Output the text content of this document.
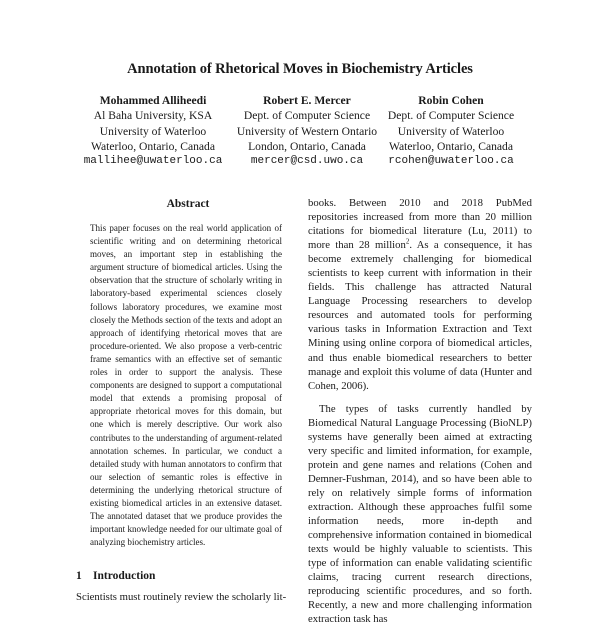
Annotation of Rhetorical Moves in Biochemistry Articles
Mohammed Alliheedi
Al Baha University, KSA
University of Waterloo
Waterloo, Ontario, Canada
mallihee@uwaterloo.ca
Robert E. Mercer
Dept. of Computer Science
University of Western Ontario
London, Ontario, Canada
mercer@csd.uwo.ca
Robin Cohen
Dept. of Computer Science
University of Waterloo
Waterloo, Ontario, Canada
rcohen@uwaterloo.ca
Abstract
This paper focuses on the real world application of scientific writing and on determining rhetorical moves, an important step in establishing the argument structure of biomedical articles. Using the observation that the structure of scholarly writing in laboratory-based experimental sciences closely follows laboratory procedures, we examine most closely the Methods section of the texts and adopt an approach of identifying rhetorical moves that are procedure-oriented. We also propose a verb-centric frame semantics with an effective set of semantic roles in order to support the analysis. These components are designed to support a computational model that extends a promising proposal of appropriate rhetorical moves for this domain, but one which is merely descriptive. Our work also contributes to the understanding of argument-related annotation schemes. In particular, we conduct a detailed study with human annotators to confirm that our selection of semantic roles is effective in determining the underlying rhetorical structure of existing biomedical articles in an extensive dataset. The annotated dataset that we produce provides the important knowledge needed for our ultimate goal of analyzing biochemistry articles.
1 Introduction
Scientists must routinely review the scholarly lit-

books. Between 2010 and 2018 PubMed repositories increased from more than 20 million citations for biomedical literature (Lu, 2011) to more than 28 million$^2$. As a consequence, it has become extremely challenging for biomedical scientists to keep current with information in their fields. This challenge has attracted Natural Language Processing researchers to develop resources and automated tools for performing various tasks in Information Extraction and Text Mining using online corpora of biomedical articles, and thus enable biomedical researchers to better manage and exploit this volume of data (Hunter and Cohen, 2006).

The types of tasks currently handled by Biomedical Natural Language Processing (BioNLP) systems have generally been aimed at extracting very specific and limited information, for example, protein and gene names and relations (Cohen and Demner-Fushman, 2014), and so have been able to rely on relatively simple forms of information extraction. Although these approaches fulfil some information needs, more in-depth and comprehensive information contained in biomedical texts would be highly valuable to scientists. This type of information can enable validating scientific claims, tracing current research directions, reproducing scientific procedures, and so forth. Recently, a new and more challenging information extraction task has
